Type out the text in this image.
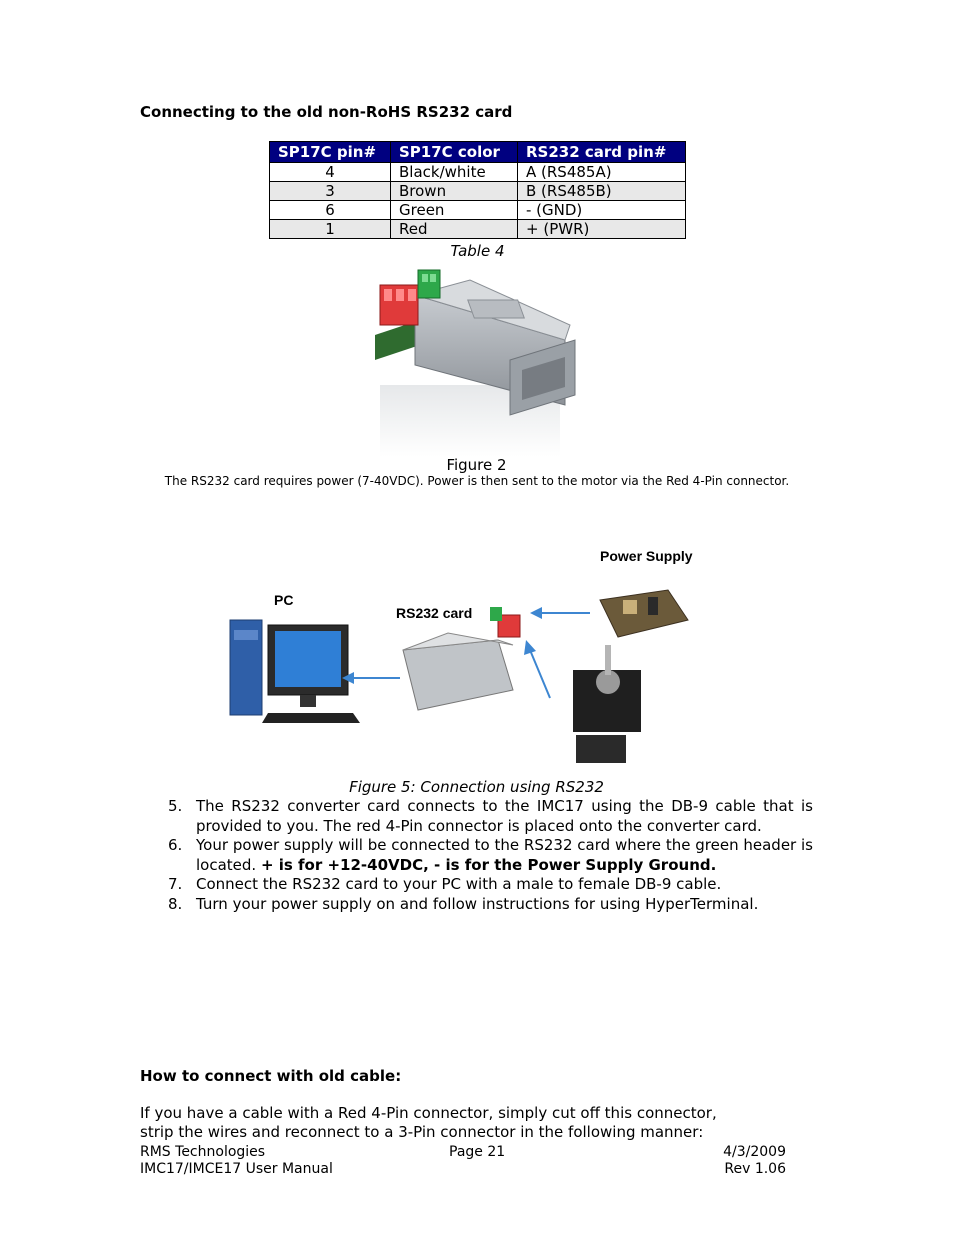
Connecting to the old non-RoHS RS232 card
SP17C pin#	SP17C color	RS232 card pin#
4	Black/white	A (RS485A)
3	Brown	B (RS485B)
6	Green	- (GND)
1	Red	+ (PWR)
Table 4
Figure 2
The RS232 card requires power (7-40VDC). Power is then sent to the motor via the Red 4-Pin connector.
Power Supply
PC
RS232 card
Figure 5: Connection using RS232
5. The RS232 converter card connects to the IMC17 using the DB-9 cable that is provided to you. The red 4-Pin connector is placed onto the converter card.
6. Your power supply will be connected to the RS232 card where the green header is located. + is for +12-40VDC, - is for the Power Supply Ground.
7. Connect the RS232 card to your PC with a male to female DB-9 cable.
8. Turn your power supply on and follow instructions for using HyperTerminal.
How to connect with old cable:
If you have a cable with a Red 4-Pin connector, simply cut off this connector,
strip the wires and reconnect to a 3-Pin connector in the following manner:
RMS Technologies	Page 21	4/3/2009
IMC17/IMCE17 User Manual	Rev 1.06
